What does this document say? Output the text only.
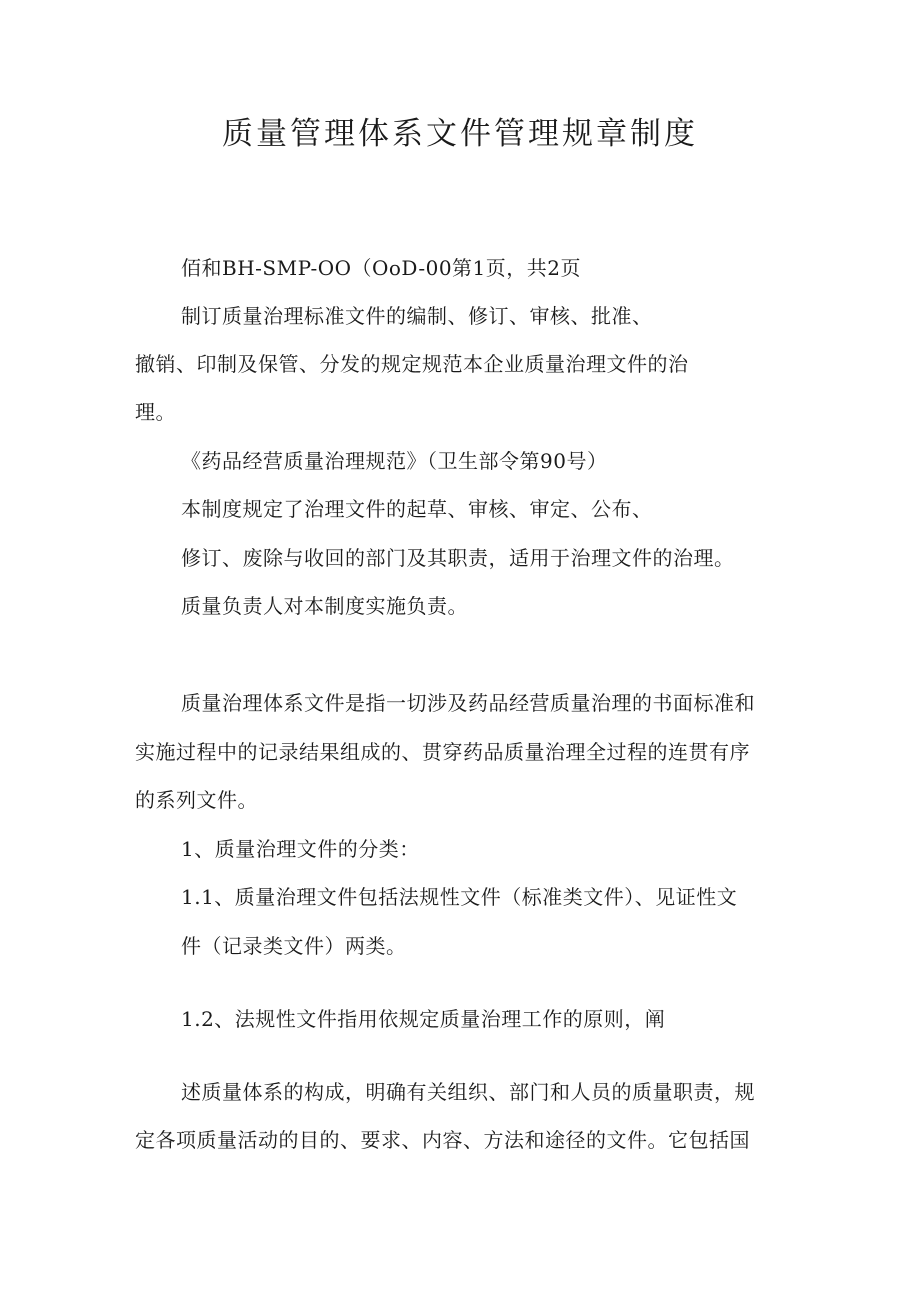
质量管理体系文件管理规章制度

佰和BH-SMP-OO（OoD-00第1页，共2页

制订质量治理标准文件的编制、修订、审核、批准、

撤销、印制及保管、分发的规定规范本企业质量治理文件的治

理。

《药品经营质量治理规范》（卫生部令第90号）

本制度规定了治理文件的起草、审核、审定、公布、

修订、废除与收回的部门及其职责，适用于治理文件的治理。

质量负责人对本制度实施负责。

质量治理体系文件是指一切涉及药品经营质量治理的书面标准和

实施过程中的记录结果组成的、贯穿药品质量治理全过程的连贯有序

的系列文件。

1、质量治理文件的分类：

1.1、质量治理文件包括法规性文件（标准类文件）、见证性文

件（记录类文件）两类。

1.2、法规性文件指用依规定质量治理工作的原则，阐

述质量体系的构成，明确有关组织、部门和人员的质量职责，规

定各项质量活动的目的、要求、内容、方法和途径的文件。它包括国
